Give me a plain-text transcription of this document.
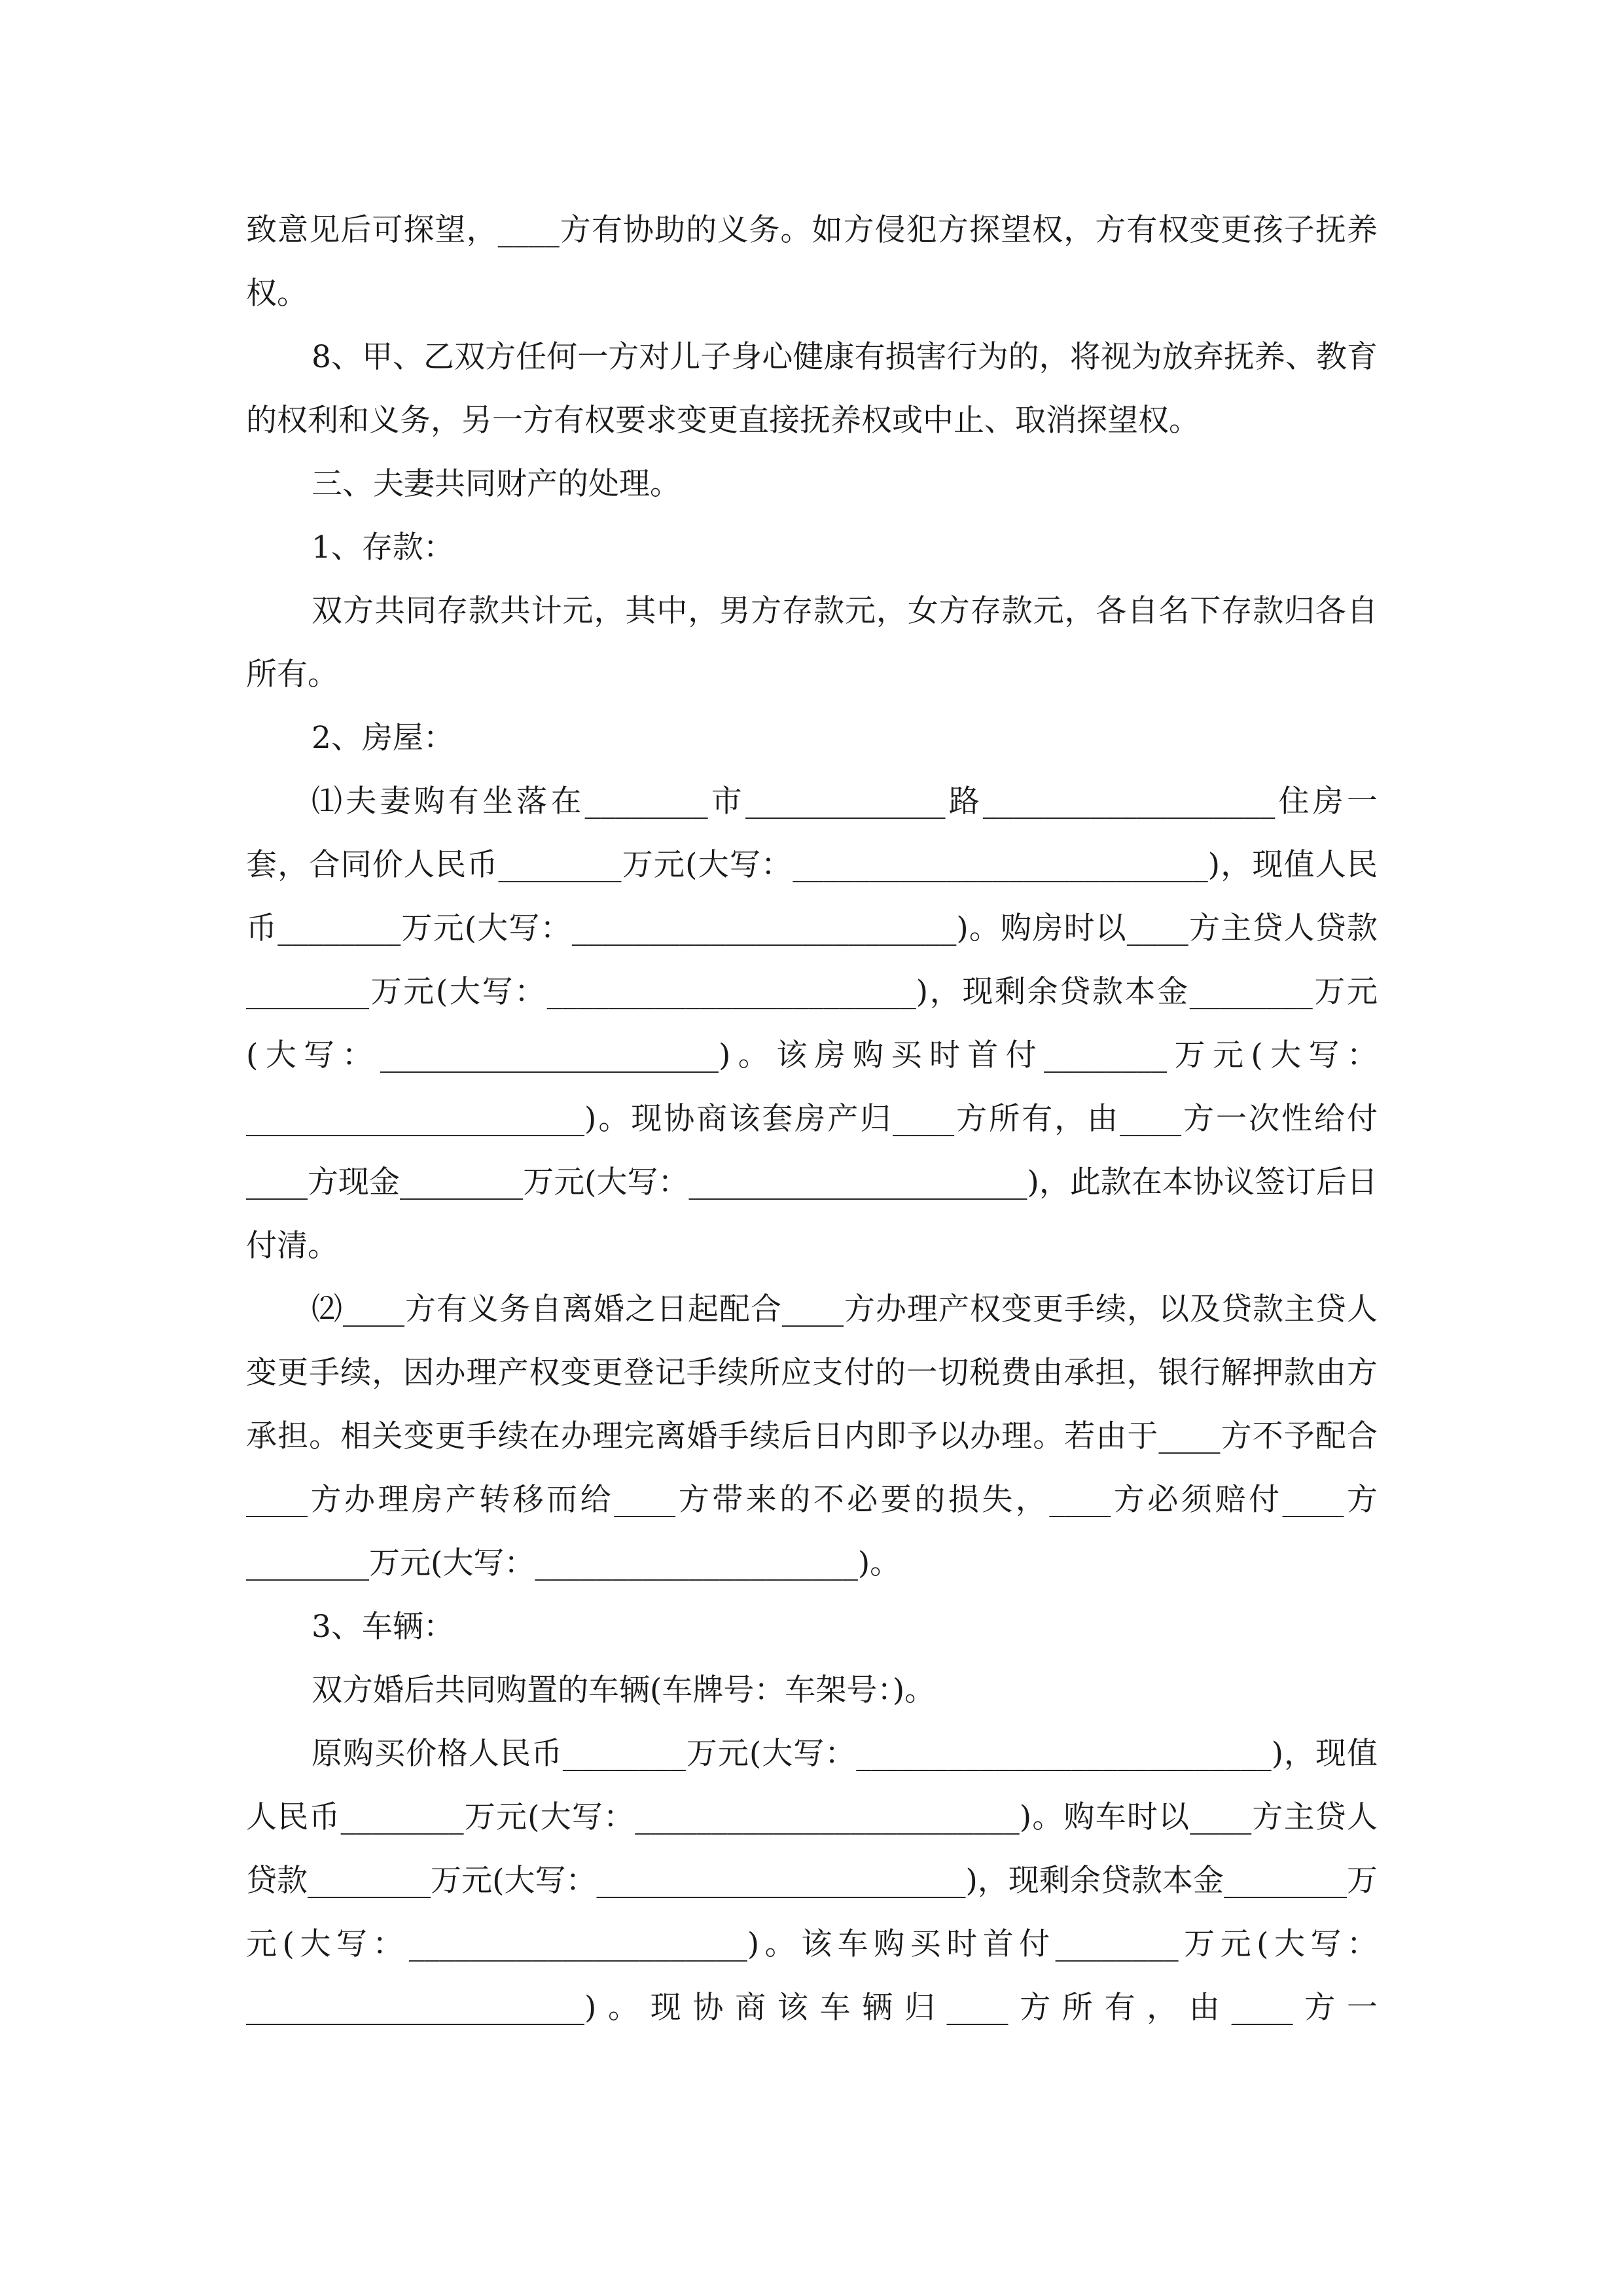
致意见后可探望，____方有协助的义务。如方侵犯方探望权，方有权变更孩子抚养权。

8、甲、乙双方任何一方对儿子身心健康有损害行为的，将视为放弃抚养、教育的权利和义务，另一方有权要求变更直接抚养权或中止、取消探望权。

三、夫妻共同财产的处理。

1、存款：

双方共同存款共计元，其中，男方存款元，女方存款元，各自名下存款归各自所有。

2、房屋：

⑴夫妻购有坐落在________市_____________路___________________住房一套，合同价人民币________万元(大写：___________________________)，现值人民币________万元(大写：_________________________)。购房时以____方主贷人贷款________万元(大写：________________________)，现剩余贷款本金________万元(大写：______________________)。该房购买时首付________万元(大写：______________________)。现协商该套房产归____方所有，由____方一次性给付____方现金________万元(大写：______________________)，此款在本协议签订后日付清。

⑵____方有义务自离婚之日起配合____方办理产权变更手续，以及贷款主贷人变更手续，因办理产权变更登记手续所应支付的一切税费由承担，银行解押款由方承担。相关变更手续在办理完离婚手续后日内即予以办理。若由于____方不予配合____方办理房产转移而给____方带来的不必要的损失，____方必须赔付____方________万元(大写：_____________________)。

3、车辆：

双方婚后共同购置的车辆(车牌号：车架号：)。

原购买价格人民币________万元(大写：___________________________)，现值人民币________万元(大写：_________________________)。购车时以____方主贷人贷款________万元(大写：________________________)，现剩余贷款本金________万元(大写：______________________)。该车购买时首付________万元(大写：______________________)。现协商该车辆归____方所有，由____方一
